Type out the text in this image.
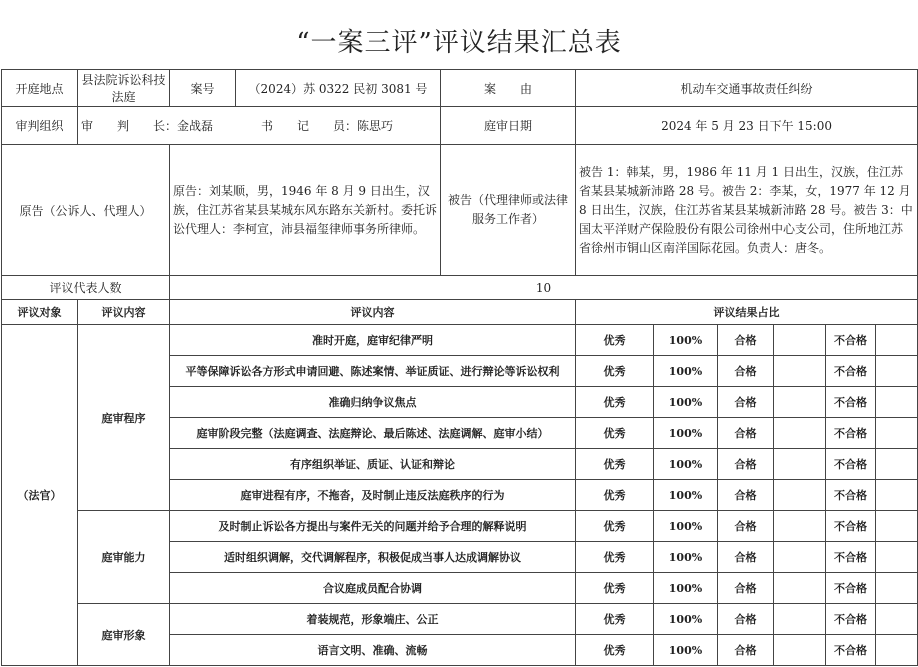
“一案三评”评议结果汇总表
开庭地点	县法院诉讼科技法庭	案号	（2024）苏 0322 民初 3081 号	案　　由	机动车交通事故责任纠纷					
审判组织	审　　判　　长：金战磊　　　　书　　记　　员：陈思巧			庭审日期	2024 年 5 月 23 日下午 15:00					
原告（公诉人、代理人）		原告：刘某顺，男，1946 年 8 月 9 日出生，汉族，住江苏省某县某城东风东路东关新村。委托诉讼代理人：李柯宣，沛县福玺律师事务所律师。		被告（代理律师或法律服务工作者）	被告 1：韩某，男，1986 年 11 月 1 日出生，汉族，住江苏省某县某城新沛路 28 号。被告 2：李某，女，1977 年 12 月 8 日出生，汉族，住江苏省某县某城新沛路 28 号。被告 3：中国太平洋财产保险股份有限公司徐州中心支公司，住所地江苏省徐州市铜山区南洋国际花园。负责人：唐冬。					
评议代表人数		10								
评议对象	评议内容	评议内容			评议结果占比					
（法官）	庭审程序	准时开庭，庭审纪律严明			优秀	100%	合格		不合格	
		平等保障诉讼各方形式申请回避、陈述案情、举证质证、进行辩论等诉讼权利			优秀	100%	合格		不合格	
		准确归纳争议焦点			优秀	100%	合格		不合格	
		庭审阶段完整（法庭调查、法庭辩论、最后陈述、法庭调解、庭审小结）			优秀	100%	合格		不合格	
		有序组织举证、质证、认证和辩论			优秀	100%	合格		不合格	
		庭审进程有序，不拖沓，及时制止违反法庭秩序的行为			优秀	100%	合格		不合格	
	庭审能力	及时制止诉讼各方提出与案件无关的问题并给予合理的解释说明			优秀	100%	合格		不合格	
		适时组织调解，交代调解程序，积极促成当事人达成调解协议			优秀	100%	合格		不合格	
		合议庭成员配合协调			优秀	100%	合格		不合格	
	庭审形象	着装规范，形象端庄、公正			优秀	100%	合格		不合格	
		语言文明、准确、流畅			优秀	100%	合格		不合格	
